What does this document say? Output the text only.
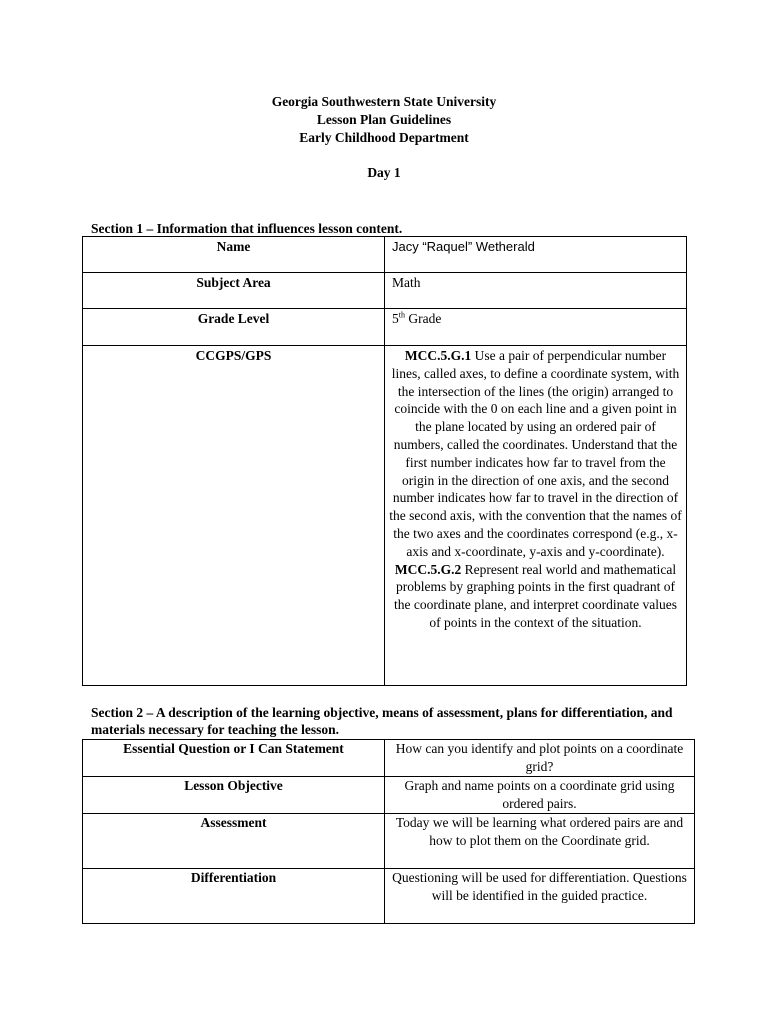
Georgia Southwestern State University
Lesson Plan Guidelines
Early Childhood Department
Day 1
Section 1 – Information that influences lesson content.
Name	Jacy “Raquel” Wetherald

Subject Area	Math

Grade Level	5th Grade

CCGPS/GPS	MCC.5.G.1 Use a pair of perpendicular number lines, called axes, to define a coordinate system, with the intersection of the lines (the origin) arranged to coincide with the 0 on each line and a given point in the plane located by using an ordered pair of numbers, called the coordinates. Understand that the first number indicates how far to travel from the origin in the direction of one axis, and the second number indicates how far to travel in the direction of the second axis, with the convention that the names of the two axes and the coordinates correspond (e.g., x-axis and x-coordinate, y-axis and y-coordinate). MCC.5.G.2 Represent real world and mathematical problems by graphing points in the first quadrant of the coordinate plane, and interpret coordinate values of points in the context of the situation.
Section 2 – A description of the learning objective, means of assessment, plans for differentiation, and materials necessary for teaching the lesson.
Essential Question or I Can Statement	How can you identify and plot points on a coordinate grid?
Lesson Objective	Graph and name points on a coordinate grid using ordered pairs.
Assessment	Today we will be learning what ordered pairs are and how to plot them on the Coordinate grid.
Differentiation	Questioning will be used for differentiation. Questions will be identified in the guided practice.
